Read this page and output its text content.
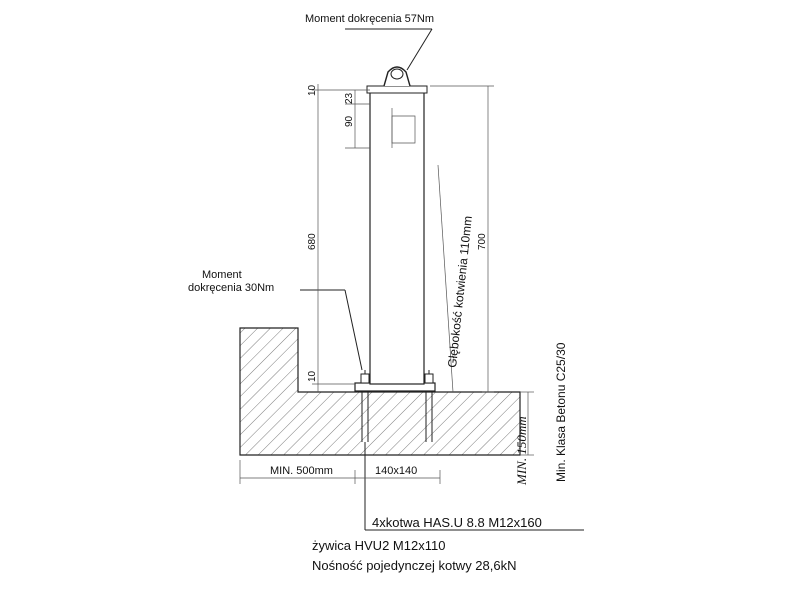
Moment dokręcenia 57Nm
Moment
dokręcenia 30Nm	Głębokość kotwienia 110mm
Min. Klasa Betonu C25/30
MIN. 150mm
10
23
90
680
10
700
MIN. 500mm	140x140
4xkotwa HAS.U 8.8 M12x160
żywica HVU2 M12x110
Nośność pojedynczej kotwy 28,6kN
